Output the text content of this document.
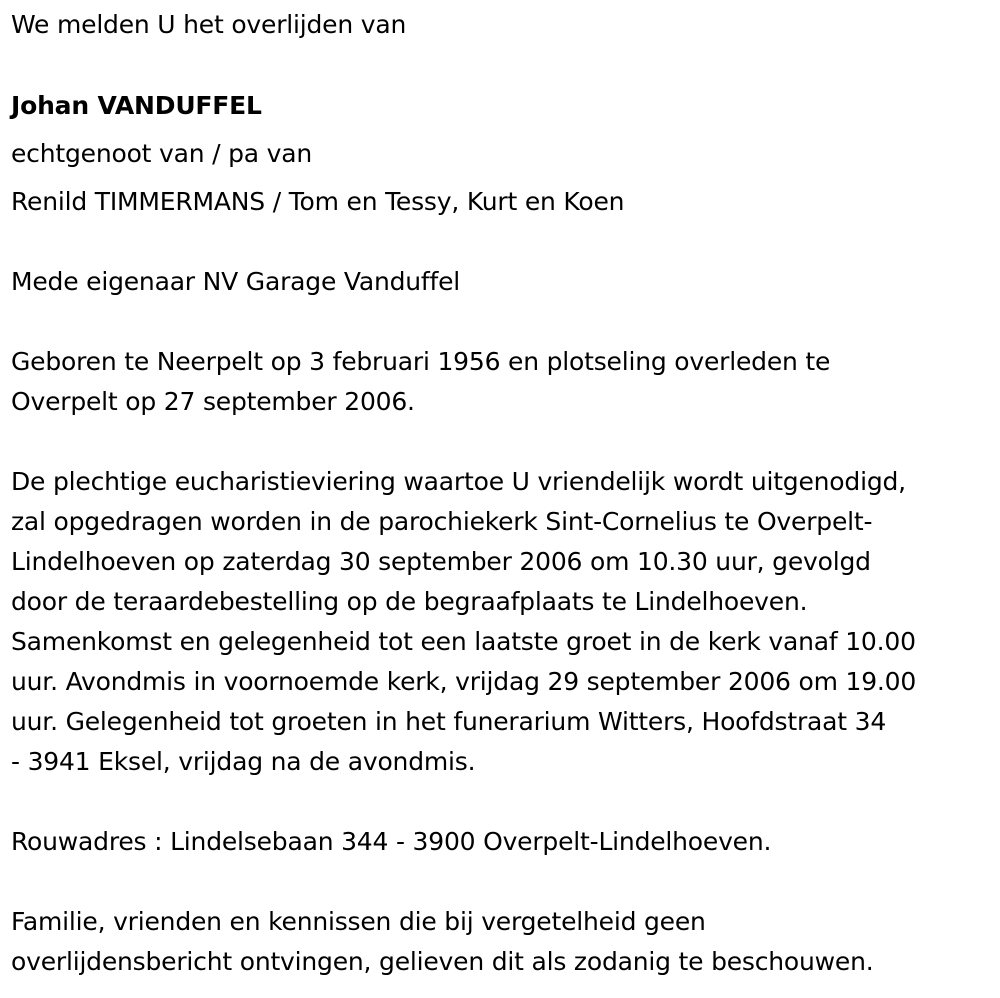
We melden U het overlijden van
Johan VANDUFFEL
echtgenoot van / pa van
Renild TIMMERMANS / Tom en Tessy, Kurt en Koen
Mede eigenaar NV Garage Vanduffel
Geboren te Neerpelt op 3 februari 1956 en plotseling overleden te
Overpelt op 27 september 2006.
De plechtige eucharistieviering waartoe U vriendelijk wordt uitgenodigd,
zal opgedragen worden in de parochiekerk Sint-Cornelius te Overpelt-
Lindelhoeven op zaterdag 30 september 2006 om 10.30 uur, gevolgd
door de teraardebestelling op de begraafplaats te Lindelhoeven.
Samenkomst en gelegenheid tot een laatste groet in de kerk vanaf 10.00
uur. Avondmis in voornoemde kerk, vrijdag 29 september 2006 om 19.00
uur. Gelegenheid tot groeten in het funerarium Witters, Hoofdstraat 34
- 3941 Eksel, vrijdag na de avondmis.
Rouwadres : Lindelsebaan 344 - 3900 Overpelt-Lindelhoeven.
Familie, vrienden en kennissen die bij vergetelheid geen
overlijdensbericht ontvingen, gelieven dit als zodanig te beschouwen.
